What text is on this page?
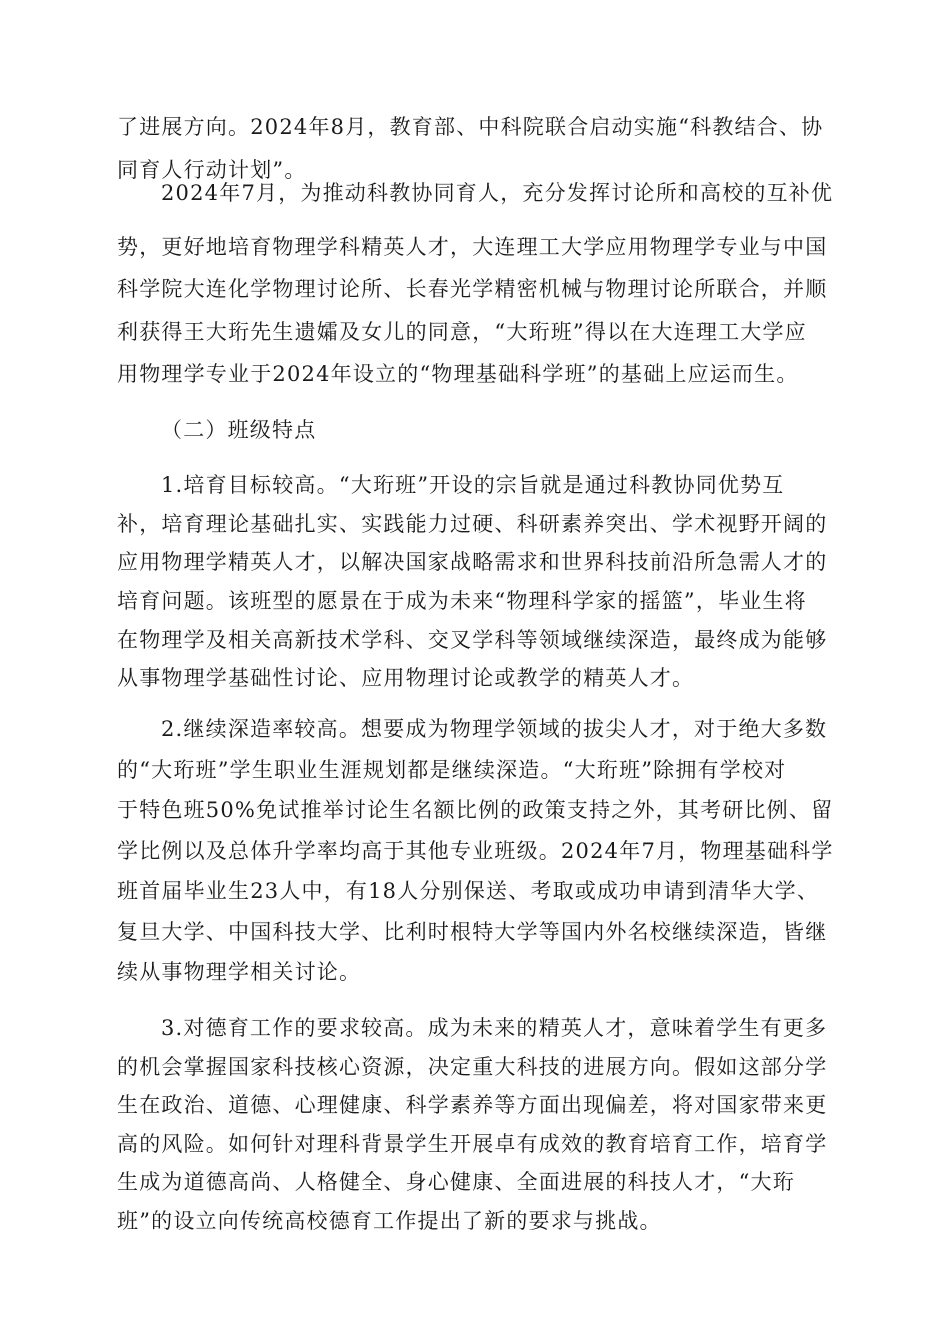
了进展方向。2024年8月，教育部、中科院联合启动实施“科教结合、协

同育人行动计划”。

2024年7月，为推动科教协同育人，充分发挥讨论所和高校的互补优

势，更好地培育物理学科精英人才，大连理工大学应用物理学专业与中国

科学院大连化学物理讨论所、长春光学精密机械与物理讨论所联合，并顺

利获得王大珩先生遗孀及女儿的同意，“大珩班”得以在大连理工大学应

用物理学专业于2024年设立的“物理基础科学班”的基础上应运而生。

（二）班级特点

1.培育目标较高。“大珩班”开设的宗旨就是通过科教协同优势互

补，培育理论基础扎实、实践能力过硬、科研素养突出、学术视野开阔的

应用物理学精英人才，以解决国家战略需求和世界科技前沿所急需人才的

培育问题。该班型的愿景在于成为未来“物理科学家的摇篮”，毕业生将

在物理学及相关高新技术学科、交叉学科等领域继续深造，最终成为能够

从事物理学基础性讨论、应用物理讨论或教学的精英人才。

2.继续深造率较高。想要成为物理学领域的拔尖人才，对于绝大多数

的“大珩班”学生职业生涯规划都是继续深造。“大珩班”除拥有学校对

于特色班50%免试推举讨论生名额比例的政策支持之外，其考研比例、留

学比例以及总体升学率均高于其他专业班级。2024年7月，物理基础科学

班首届毕业生23人中，有18人分别保送、考取或成功申请到清华大学、

复旦大学、中国科技大学、比利时根特大学等国内外名校继续深造，皆继

续从事物理学相关讨论。

3.对德育工作的要求较高。成为未来的精英人才，意味着学生有更多

的机会掌握国家科技核心资源，决定重大科技的进展方向。假如这部分学

生在政治、道德、心理健康、科学素养等方面出现偏差，将对国家带来更

高的风险。如何针对理科背景学生开展卓有成效的教育培育工作，培育学

生成为道德高尚、人格健全、身心健康、全面进展的科技人才，“大珩

班”的设立向传统高校德育工作提出了新的要求与挑战。
